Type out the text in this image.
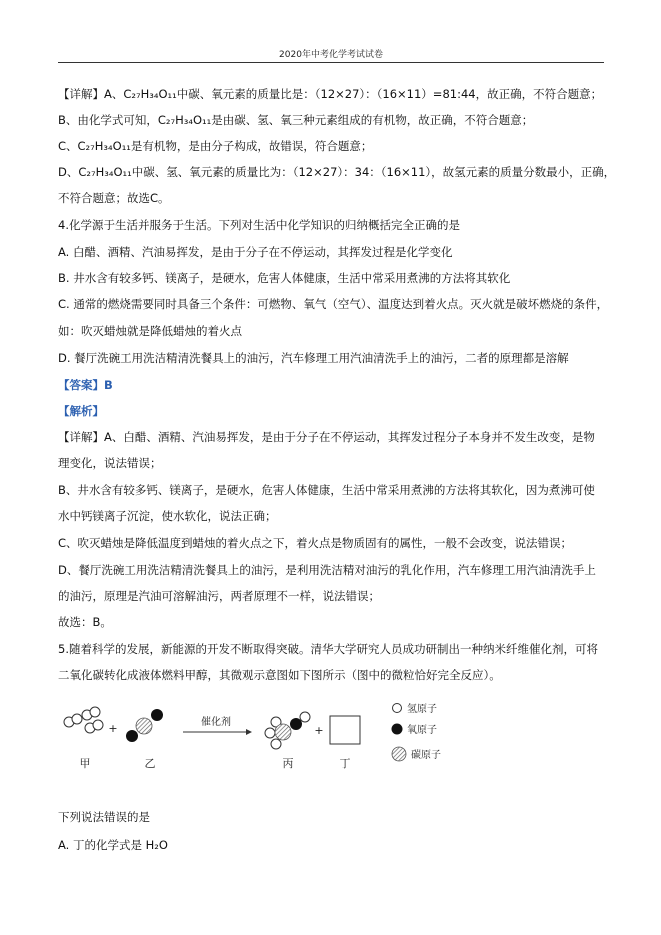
2020年中考化学考试试卷
【详解】A、C₂₇H₃₄O₁₁中碳、氧元素的质量比是：（12×27）：（16×11）=81:44，故正确，不符合题意；
B、由化学式可知，C₂₇H₃₄O₁₁是由碳、氢、氧三种元素组成的有机物，故正确，不符合题意；
C、C₂₇H₃₄O₁₁是有机物，是由分子构成，故错误，符合题意；
D、C₂₇H₃₄O₁₁中碳、氢、氧元素的质量比为：（12×27）：34：（16×11），故氢元素的质量分数最小，正确，
不符合题意；故选C。
4.化学源于生活并服务于生活。下列对生活中化学知识的归纳概括完全正确的是
A. 白醋、酒精、汽油易挥发，是由于分子在不停运动，其挥发过程是化学变化
B. 井水含有较多钙、镁离子，是硬水，危害人体健康，生活中常采用煮沸的方法将其软化
C. 通常的燃烧需要同时具备三个条件：可燃物、氧气（空气）、温度达到着火点。灭火就是破坏燃烧的条件，
如：吹灭蜡烛就是降低蜡烛的着火点
D. 餐厅洗碗工用洗洁精清洗餐具上的油污，汽车修理工用汽油清洗手上的油污，二者的原理都是溶解
【答案】B
【解析】
【详解】A、白醋、酒精、汽油易挥发，是由于分子在不停运动，其挥发过程分子本身并不发生改变，是物
理变化，说法错误；
B、井水含有较多钙、镁离子，是硬水，危害人体健康，生活中常采用煮沸的方法将其软化，因为煮沸可使
水中钙镁离子沉淀，使水软化，说法正确；
C、吹灭蜡烛是降低温度到蜡烛的着火点之下，着火点是物质固有的属性，一般不会改变，说法错误；
D、餐厅洗碗工用洗洁精清洗餐具上的油污，是利用洗洁精对油污的乳化作用，汽车修理工用汽油清洗手上
的油污，原理是汽油可溶解油污，两者原理不一样，说法错误；
故选：B。
5.随着科学的发展，新能源的开发不断取得突破。清华大学研究人员成功研制出一种纳米纤维催化剂，可将
二氧化碳转化成液体燃料甲醇，其微观示意图如下图所示（图中的微粒恰好完全反应）。
下列说法错误的是
A. 丁的化学式是 H₂O
甲
+
乙
催化剂
丙
+
丁
氢原子
氧原子
碳原子
